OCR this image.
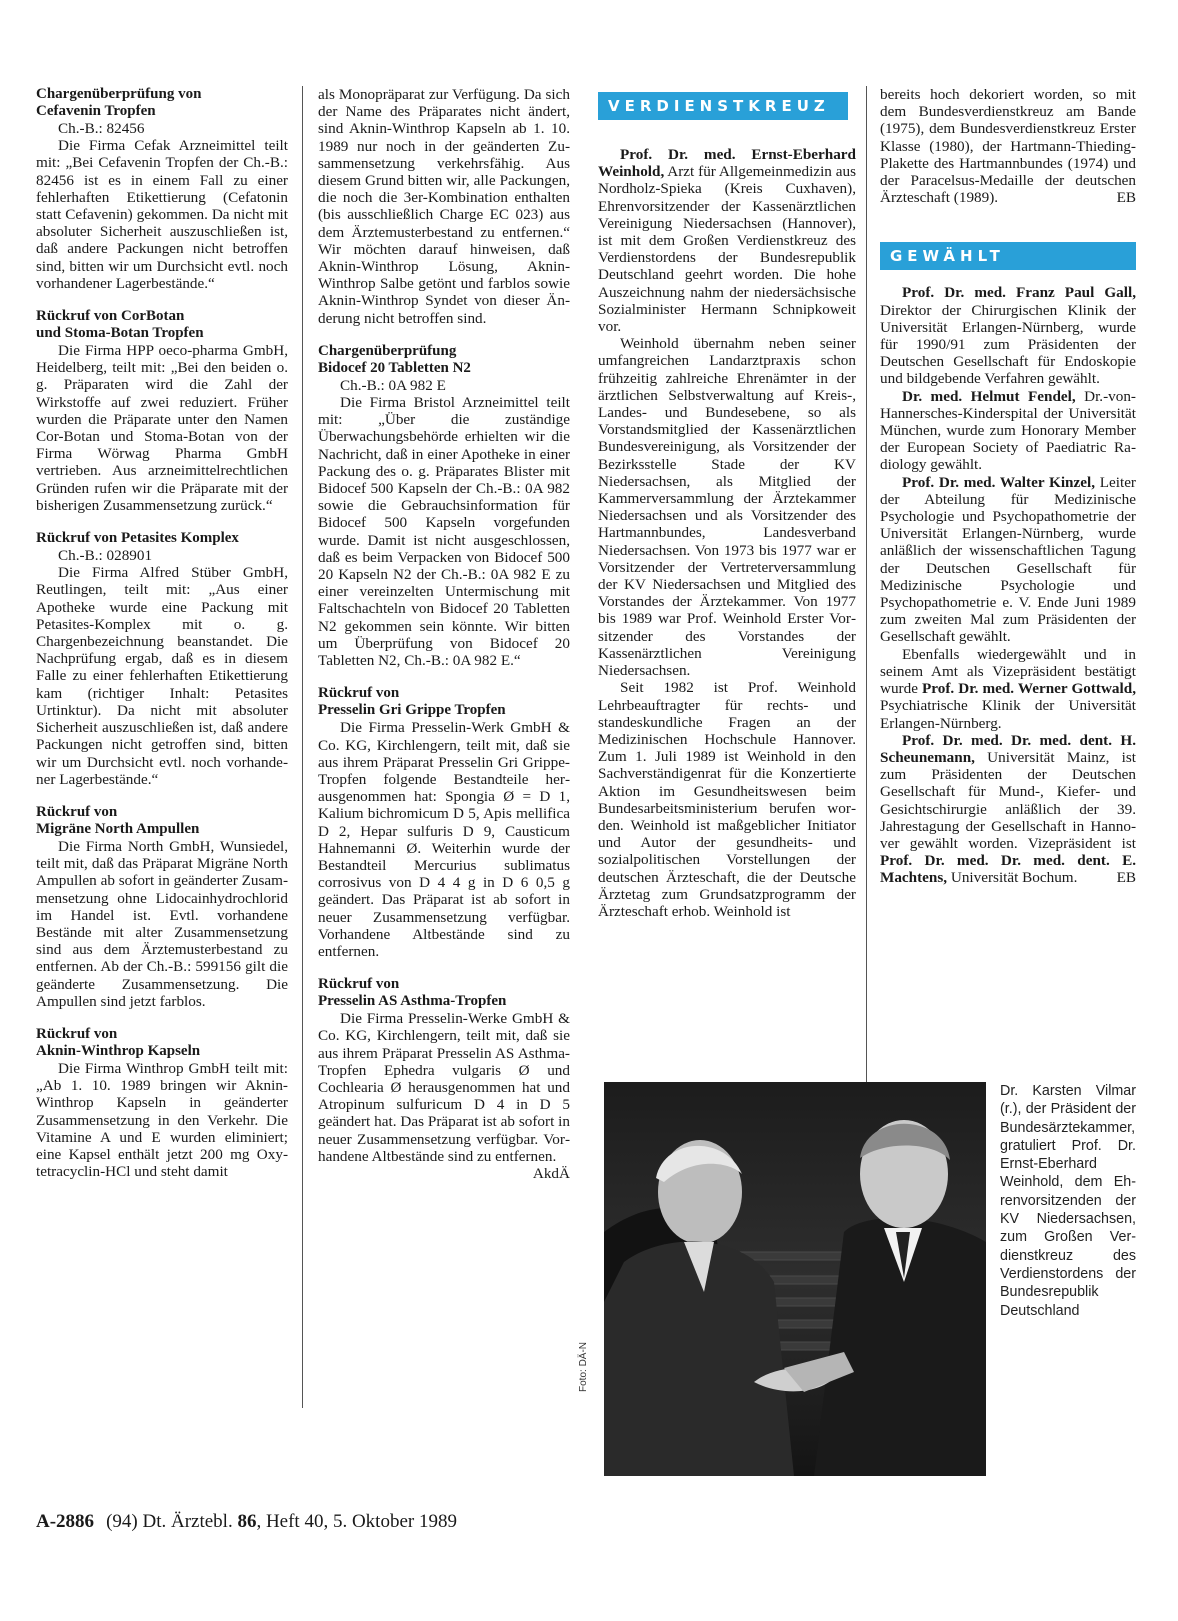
Chargenüberprüfung von
Cefavenin Tropfen
Ch.-B.: 82456

Die Firma Cefak Arzneimittel teilt mit: „Bei Cefavenin Tropfen der Ch.-B.: 82456 ist es in einem Fall zu einer fehlerhaften Etikettierung (Cefatonin statt Cefavenin) gekommen. Da nicht mit absoluter Sicherheit auszuschließen ist, daß andere Packungen nicht betroffen sind, bitten wir um Durchsicht evtl. noch vorhandener Lagerbestände.“

Rückruf von CorBotan
und Stoma-Botan Tropfen

Die Firma HPP oeco-pharma GmbH, Heidelberg, teilt mit: „Bei den beiden o. g. Präparaten wird die Zahl der Wirkstoffe auf zwei reduziert. Früher wurden die Präparate unter den Namen Cor-Botan und Stoma-Botan von der Firma Wörwag Pharma GmbH vertrieben. Aus arzneimittelrechtlichen Gründen rufen wir die Präparate mit der bisherigen Zusammensetzung zurück.“

Rückruf von Petasites Komplex
Ch.-B.: 028901

Die Firma Alfred Stüber GmbH, Reutlingen, teilt mit: „Aus einer Apotheke wurde eine Packung mit Petasites-Komplex mit o. g. Chargenbezeichnung beanstandet. Die Nachprüfung ergab, daß es in diesem Falle zu einer fehlerhaften Etikettierung kam (richtiger Inhalt: Petasites Urtinktur). Da nicht mit absoluter Sicherheit auszuschließen ist, daß andere Packungen nicht getroffen sind, bitten wir um Durchsicht evtl. noch vorhandener Lagerbestände.“

Rückruf von
Migräne North Ampullen

Die Firma North GmbH, Wunsiedel, teilt mit, daß das Präparat Migräne North Ampullen ab sofort in geänderter Zusammensetzung ohne Lidocainhydrochlorid im Handel ist. Evtl. vorhandene Bestände mit alter Zusammensetzung sind aus dem Ärztemusterbestand zu entfernen. Ab der Ch.-B.: 599156 gilt die geänderte Zusammensetzung. Die Ampullen sind jetzt farblos.

Rückruf von
Aknin-Winthrop Kapseln

Die Firma Winthrop GmbH teilt mit: „Ab 1. 10. 1989 bringen wir Aknin-Winthrop Kapseln in geänderter Zusammensetzung in den Verkehr. Die Vitamine A und E wurden eliminiert; eine Kapsel enthält jetzt 200 mg Oxytetracyclin-HCl und steht damit

als Monopräparat zur Verfügung. Da sich der Name des Präparates nicht ändert, sind Aknin-Winthrop Kapseln ab 1. 10. 1989 nur noch in der geänderten Zusammensetzung verkehrsfähig. Aus diesem Grund bitten wir, alle Packungen, die noch die 3er-Kombination enthalten (bis ausschließlich Charge EC 023) aus dem Ärztemusterbestand zu entfernen.“ Wir möchten darauf hinweisen, daß Aknin-Winthrop Lösung, Aknin-Winthrop Salbe getönt und farblos sowie Aknin-Winthrop Syndet von dieser Änderung nicht betroffen sind.

Chargenüberprüfung
Bidocef 20 Tabletten N2
Ch.-B.: 0A 982 E

Die Firma Bristol Arzneimittel teilt mit: „Über die zuständige Überwachungsbehörde erhielten wir die Nachricht, daß in einer Apotheke in einer Packung des o. g. Präparates Blister mit Bidocef 500 Kapseln der Ch.-B.: 0A 982 sowie die Gebrauchsinformation für Bidocef 500 Kapseln vorgefunden wurde. Damit ist nicht ausgeschlossen, daß es beim Verpacken von Bidocef 500 20 Kapseln N2 der Ch.-B.: 0A 982 E zu einer vereinzelten Untermischung mit Faltschachteln von Bidocef 20 Tabletten N2 gekommen sein könnte. Wir bitten um Überprüfung von Bidocef 20 Tabletten N2, Ch.-B.: 0A 982 E.“

Rückruf von
Presselin Gri Grippe Tropfen

Die Firma Presselin-Werk GmbH & Co. KG, Kirchlengern, teilt mit, daß sie aus ihrem Präparat Presselin Gri Grippe-Tropfen folgende Bestandteile herausgenommen hat: Spongia Ø = D 1, Kalium bichromicum D 5, Apis mellifica D 2, Hepar sulfuris D 9, Causticum Hahnemanni Ø. Weiterhin wurde der Bestandteil Mercurius sublimatus corrosivus von D 4 4 g in D 6 0,5 g geändert. Das Präparat ist ab sofort in neuer Zusammensetzung verfügbar. Vorhandene Altbestände sind zu entfernen.

Rückruf von
Presselin AS Asthma-Tropfen

Die Firma Presselin-Werke GmbH & Co. KG, Kirchlengern, teilt mit, daß sie aus ihrem Präparat Presselin AS Asthma-Tropfen Ephedra vulgaris Ø und Cochlearia Ø herausgenommen hat und Atropinum sulfuricum D 4 in D 5 geändert hat. Das Präparat ist ab sofort in neuer Zusammensetzung verfügbar. Vorhandene Altbestände sind zu entfernen.
AkdÄ

VERDIENSTKREUZ

Prof. Dr. med. Ernst-Eberhard Weinhold, Arzt für Allgemeinmedizin aus Nordholz-Spieka (Kreis Cuxhaven), Ehrenvorsitzender der Kassenärztlichen Vereinigung Niedersachsen (Hannover), ist mit dem Großen Verdienstkreuz des Verdienstordens der Bundesrepublik Deutschland geehrt worden. Die hohe Auszeichnung nahm der niedersächsische Sozialminister Hermann Schnipkoweit vor.

Weinhold übernahm neben seiner umfangreichen Landarztpraxis schon frühzeitig zahlreiche Ehrenämter in der ärztlichen Selbstverwaltung auf Kreis-, Landes- und Bundesebene, so als Vorstandsmitglied der Kassenärztlichen Bundesvereinigung, als Vorsitzender der Bezirksstelle Stade der KV Niedersachsen, als Mitglied der Kammerversammlung der Ärztekammer Niedersachsen und als Vorsitzender des Hartmannbundes, Landesverband Niedersachsen. Von 1973 bis 1977 war er Vorsitzender der Vertreterversammlung der KV Niedersachsen und Mitglied des Vorstandes der Ärztekammer. Von 1977 bis 1989 war Prof. Weinhold Erster Vorsitzender des Vorstandes der Kassenärztlichen Vereinigung Niedersachsen.

Seit 1982 ist Prof. Weinhold Lehrbeauftragter für rechts- und standeskundliche Fragen an der Medizinischen Hochschule Hannover. Zum 1. Juli 1989 ist Weinhold in den Sachverständigenrat für die Konzertierte Aktion im Gesundheitswesen beim Bundesarbeitsministerium berufen worden. Weinhold ist maßgeblicher Initiator und Autor der gesundheits- und sozialpolitischen Vorstellungen der deutschen Ärzteschaft, die der Deutsche Ärztetag zum Grundsatzprogramm der Ärzteschaft erhob. Weinhold ist

bereits hoch dekoriert worden, so mit dem Bundesverdienstkreuz am Bande (1975), dem Bundesverdienstkreuz Erster Klasse (1980), der Hartmann-Thieding-Plakette des Hartmannbundes (1974) und der Paracelsus-Medaille der deutschen Ärzteschaft (1989).	EB

GEWÄHLT

Prof. Dr. med. Franz Paul Gall, Direktor der Chirurgischen Klinik der Universität Erlangen-Nürnberg, wurde für 1990/91 zum Präsidenten der Deutschen Gesellschaft für Endoskopie und bildgebende Verfahren gewählt.

Dr. med. Helmut Fendel, Dr.-von-Hannersches-Kinderspital der Universität München, wurde zum Honorary Member der European Society of Paediatric Radiology gewählt.

Prof. Dr. med. Walter Kinzel, Leiter der Abteilung für Medizinische Psychologie und Psychopathometrie der Universität Erlangen-Nürnberg, wurde anläßlich der wissenschaftlichen Tagung der Deutschen Gesellschaft für Medizinische Psychologie und Psychopathometrie e. V. Ende Juni 1989 zum zweiten Mal zum Präsidenten der Gesellschaft gewählt.

Ebenfalls wiedergewählt und in seinem Amt als Vizepräsident bestätigt wurde Prof. Dr. med. Werner Gottwald, Psychiatrische Klinik der Universität Erlangen-Nürnberg.

Prof. Dr. med. Dr. med. dent. H. Scheunemann, Universität Mainz, ist zum Präsidenten der Deutschen Gesellschaft für Mund-, Kiefer- und Gesichtschirurgie anläßlich der 39. Jahrestagung der Gesellschaft in Hannover gewählt worden. Vizepräsident ist Prof. Dr. med. Dr. med. dent. E. Machtens, Universität Bochum.	EB

Foto: DÄ-N
Dr. Karsten Vilmar (r.), der Präsident der Bundesärztekammer, gratuliert Prof. Dr. Ernst-Eberhard Weinhold, dem Ehrenvorsitzenden der KV Niedersachsen, zum Großen Verdienstkreuz des Verdienstordens der Bundesrepublik Deutschland
A-2886 (94) Dt. Ärztebl. 86, Heft 40, 5. Oktober 1989
